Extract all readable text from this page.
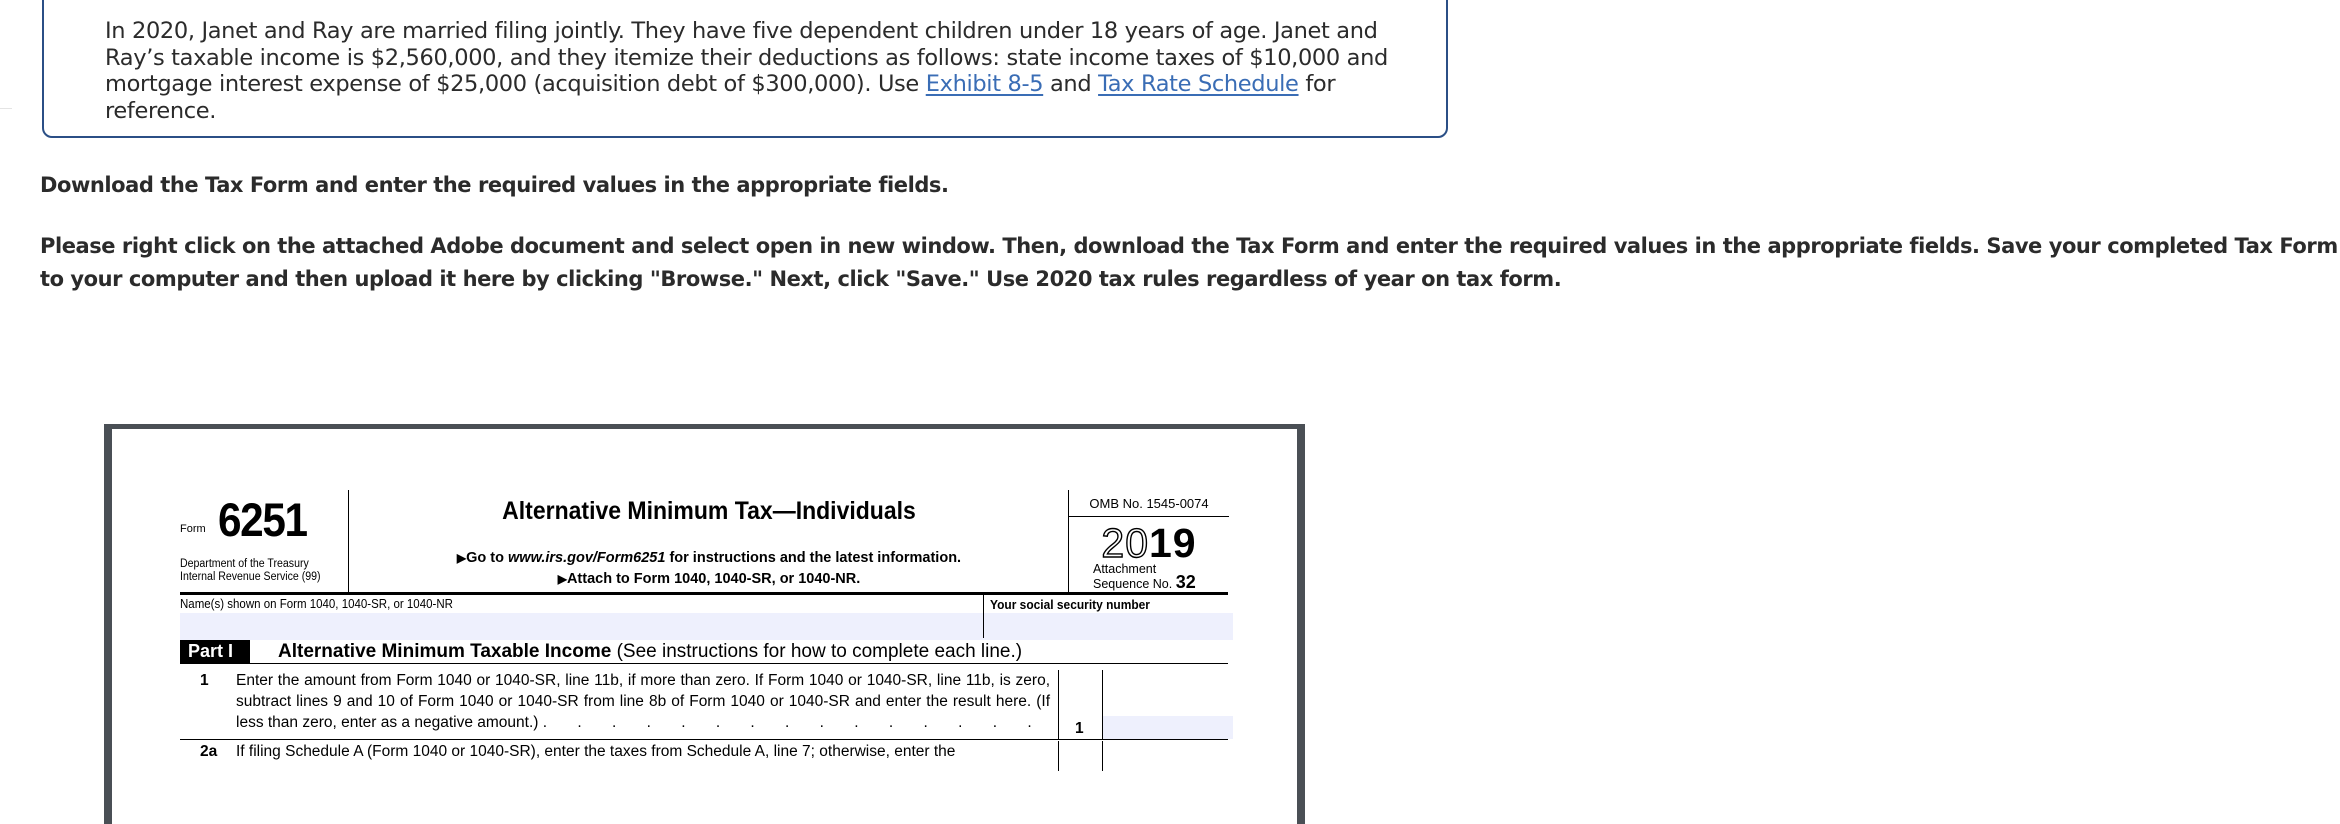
In 2020, Janet and Ray are married filing jointly. They have five dependent children under 18 years of age. Janet and Ray’s taxable income is $2,560,000, and they itemize their deductions as follows: state income taxes of $10,000 and mortgage interest expense of $25,000 (acquisition debt of $300,000). Use Exhibit 8-5 and Tax Rate Schedule for reference.
Download the Tax Form and enter the required values in the appropriate fields.
Please right click on the attached Adobe document and select open in new window. Then, download the Tax Form and enter the required values in the appropriate fields. Save your completed Tax Form to your computer and then upload it here by clicking "Browse." Next, click "Save." Use 2020 tax rules regardless of year on tax form.
Form 6251
Department of the Treasury
Internal Revenue Service (99)
Alternative Minimum Tax—Individuals
▶Go to www.irs.gov/Form6251 for instructions and the latest information.
▶Attach to Form 1040, 1040-SR, or 1040-NR.
OMB No. 1545-0074
2019
Attachment
Sequence No. 32
Name(s) shown on Form 1040, 1040-SR, or 1040-NR	Your social security number
Part I	Alternative Minimum Taxable Income (See instructions for how to complete each line.)
1 Enter the amount from Form 1040 or 1040-SR, line 11b, if more than zero. If Form 1040 or 1040-SR, line 11b, is zero, subtract lines 9 and 10 of Form 1040 or 1040-SR from line 8b of Form 1040 or 1040-SR and enter the result here. (If less than zero, enter as a negative amount.) . . . . . . . . . . . . . . .	1
2a If filing Schedule A (Form 1040 or 1040-SR), enter the taxes from Schedule A, line 7; otherwise, enter the
